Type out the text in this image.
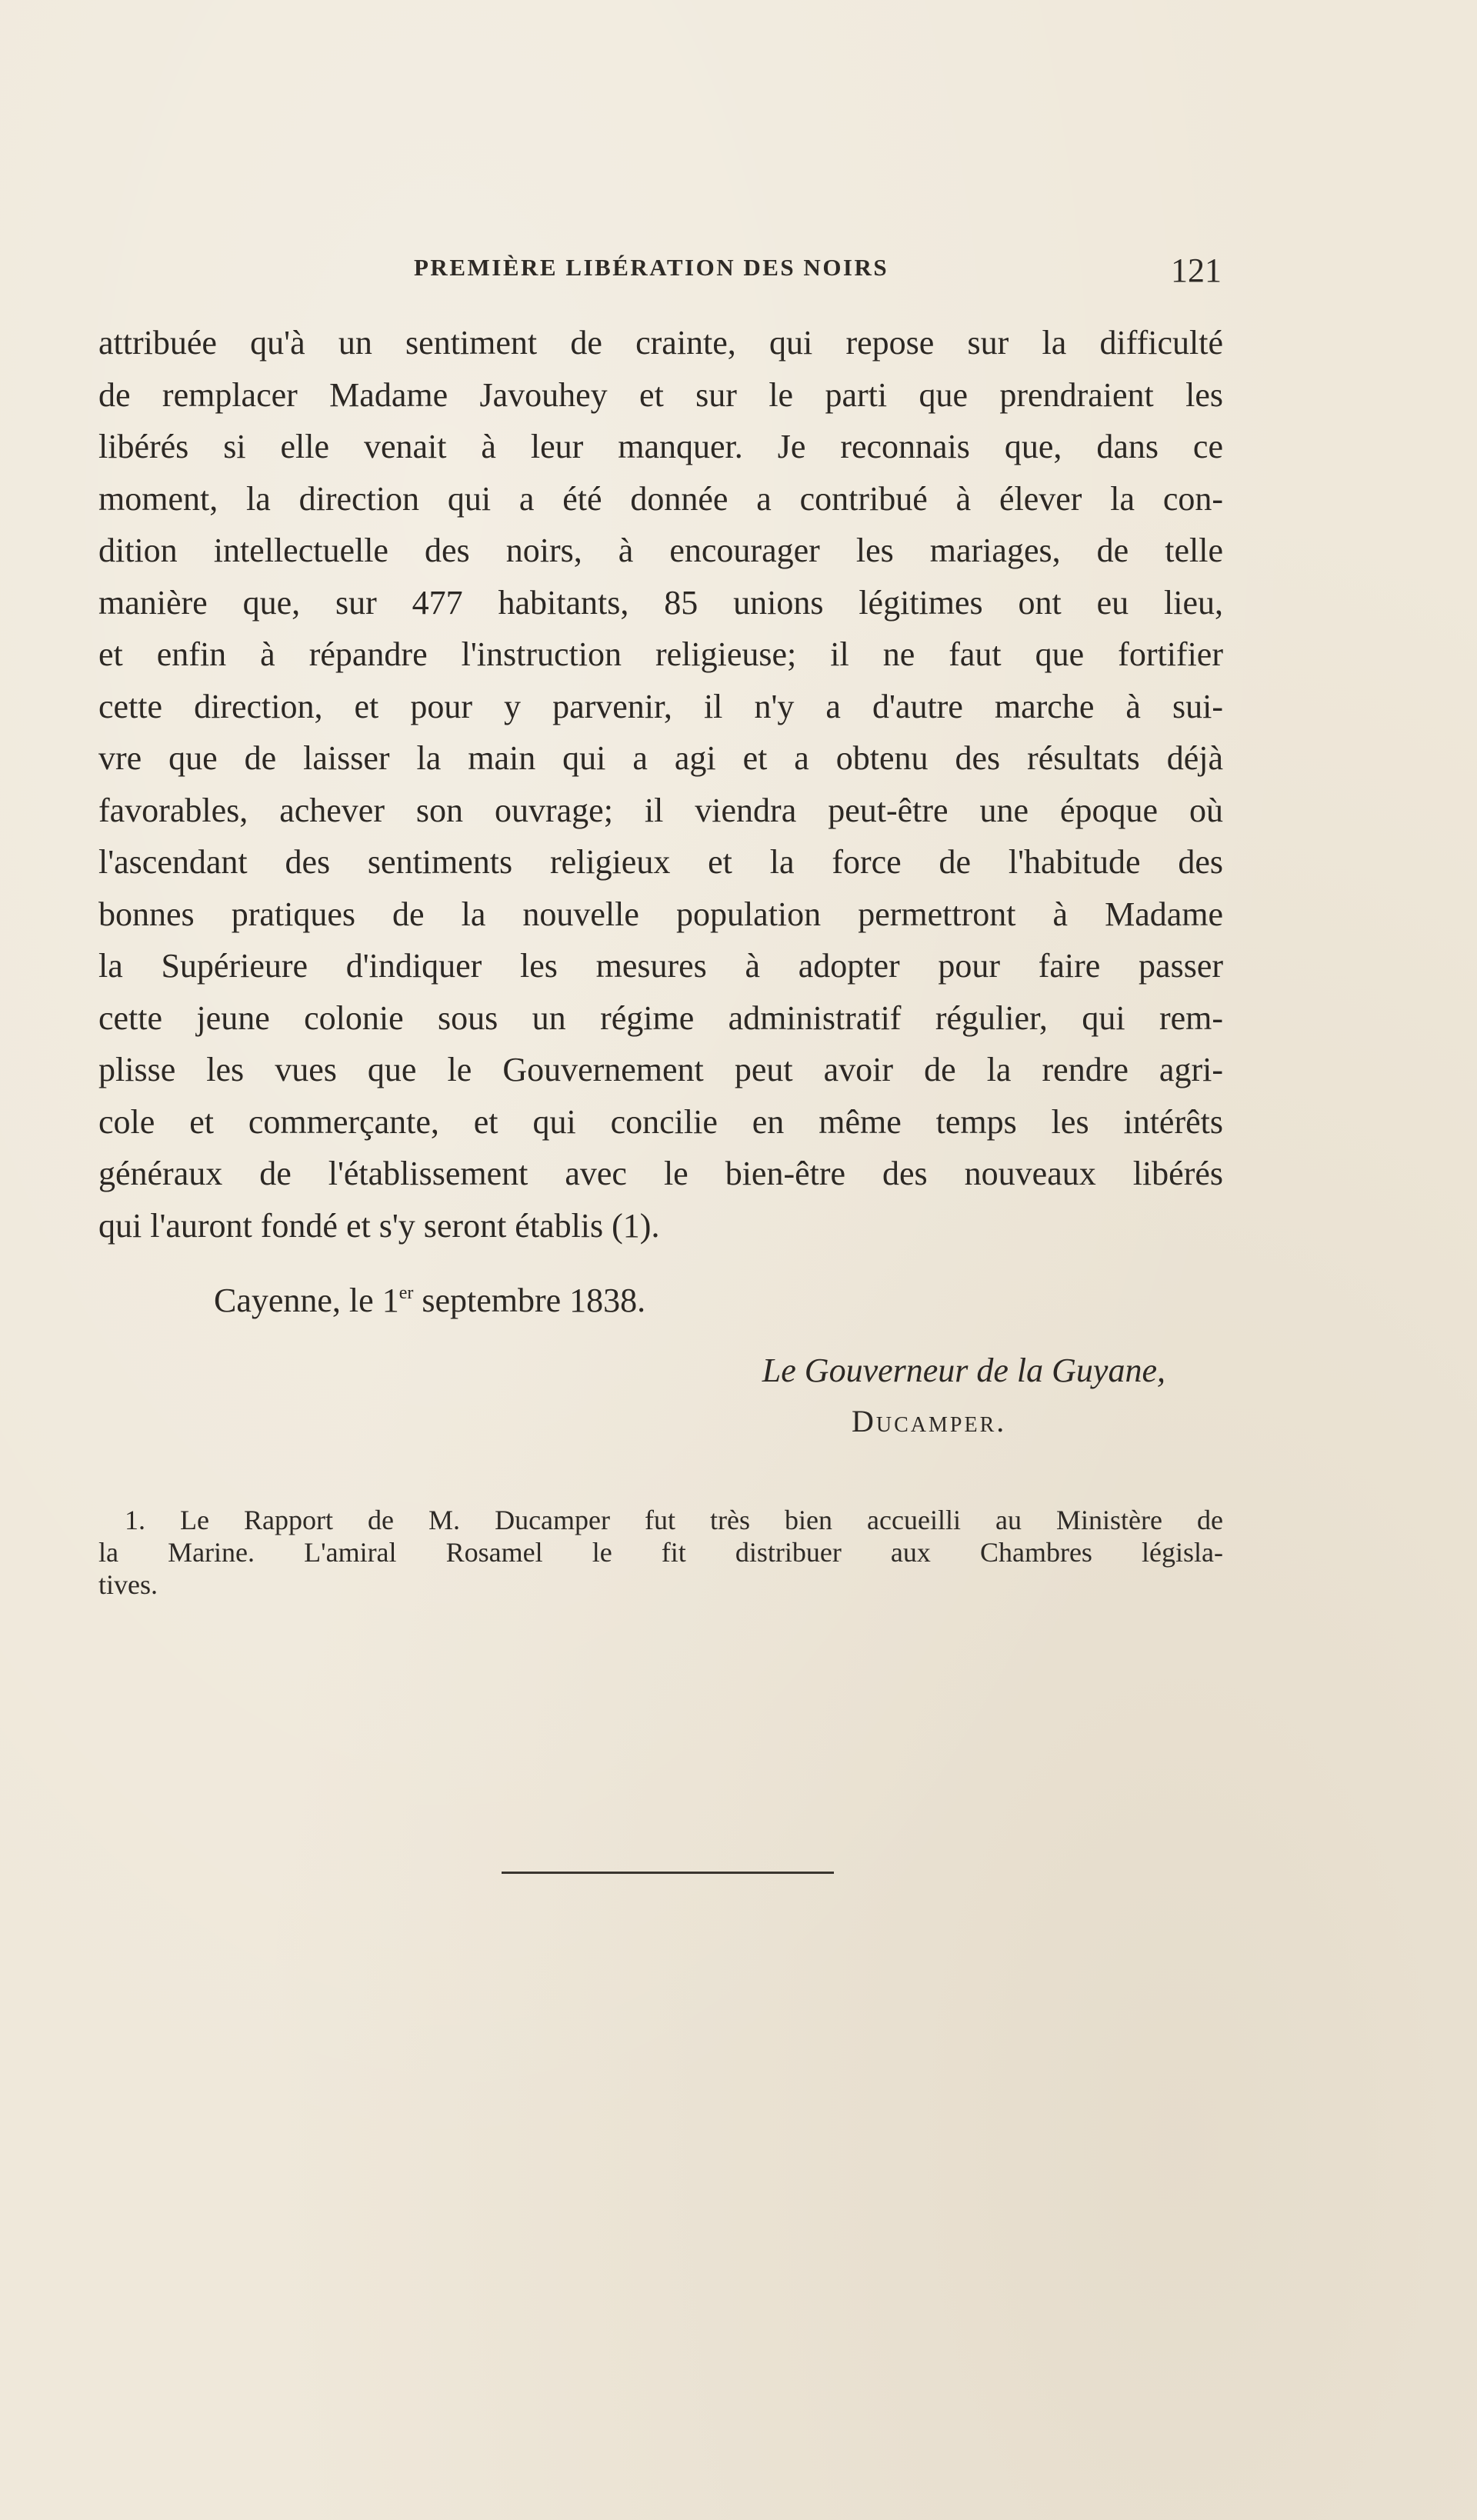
PREMIÈRE LIBÉRATION DES NOIRS	121
attribuée qu'à un sentiment de crainte, qui repose sur la difficulté
de remplacer Madame Javouhey et sur le parti que prendraient les
libérés si elle venait à leur manquer. Je reconnais que, dans ce
moment, la direction qui a été donnée a contribué à élever la con-
dition intellectuelle des noirs, à encourager les mariages, de telle
manière que, sur 477 habitants, 85 unions légitimes ont eu lieu,
et enfin à répandre l'instruction religieuse; il ne faut que fortifier
cette direction, et pour y parvenir, il n'y a d'autre marche à sui-
vre que de laisser la main qui a agi et a obtenu des résultats déjà
favorables, achever son ouvrage; il viendra peut-être une époque où
l'ascendant des sentiments religieux et la force de l'habitude des
bonnes pratiques de la nouvelle population permettront à Madame
la Supérieure d'indiquer les mesures à adopter pour faire passer
cette jeune colonie sous un régime administratif régulier, qui rem-
plisse les vues que le Gouvernement peut avoir de la rendre agri-
cole et commerçante, et qui concilie en même temps les intérêts
généraux de l'établissement avec le bien-être des nouveaux libérés
qui l'auront fondé et s'y seront établis (1).
Cayenne, le 1er septembre 1838.
Le Gouverneur de la Guyane,
Ducamper.
1. Le Rapport de M. Ducamper fut très bien accueilli au Ministère de
la Marine. L'amiral Rosamel le fit distribuer aux Chambres législa-
tives.
